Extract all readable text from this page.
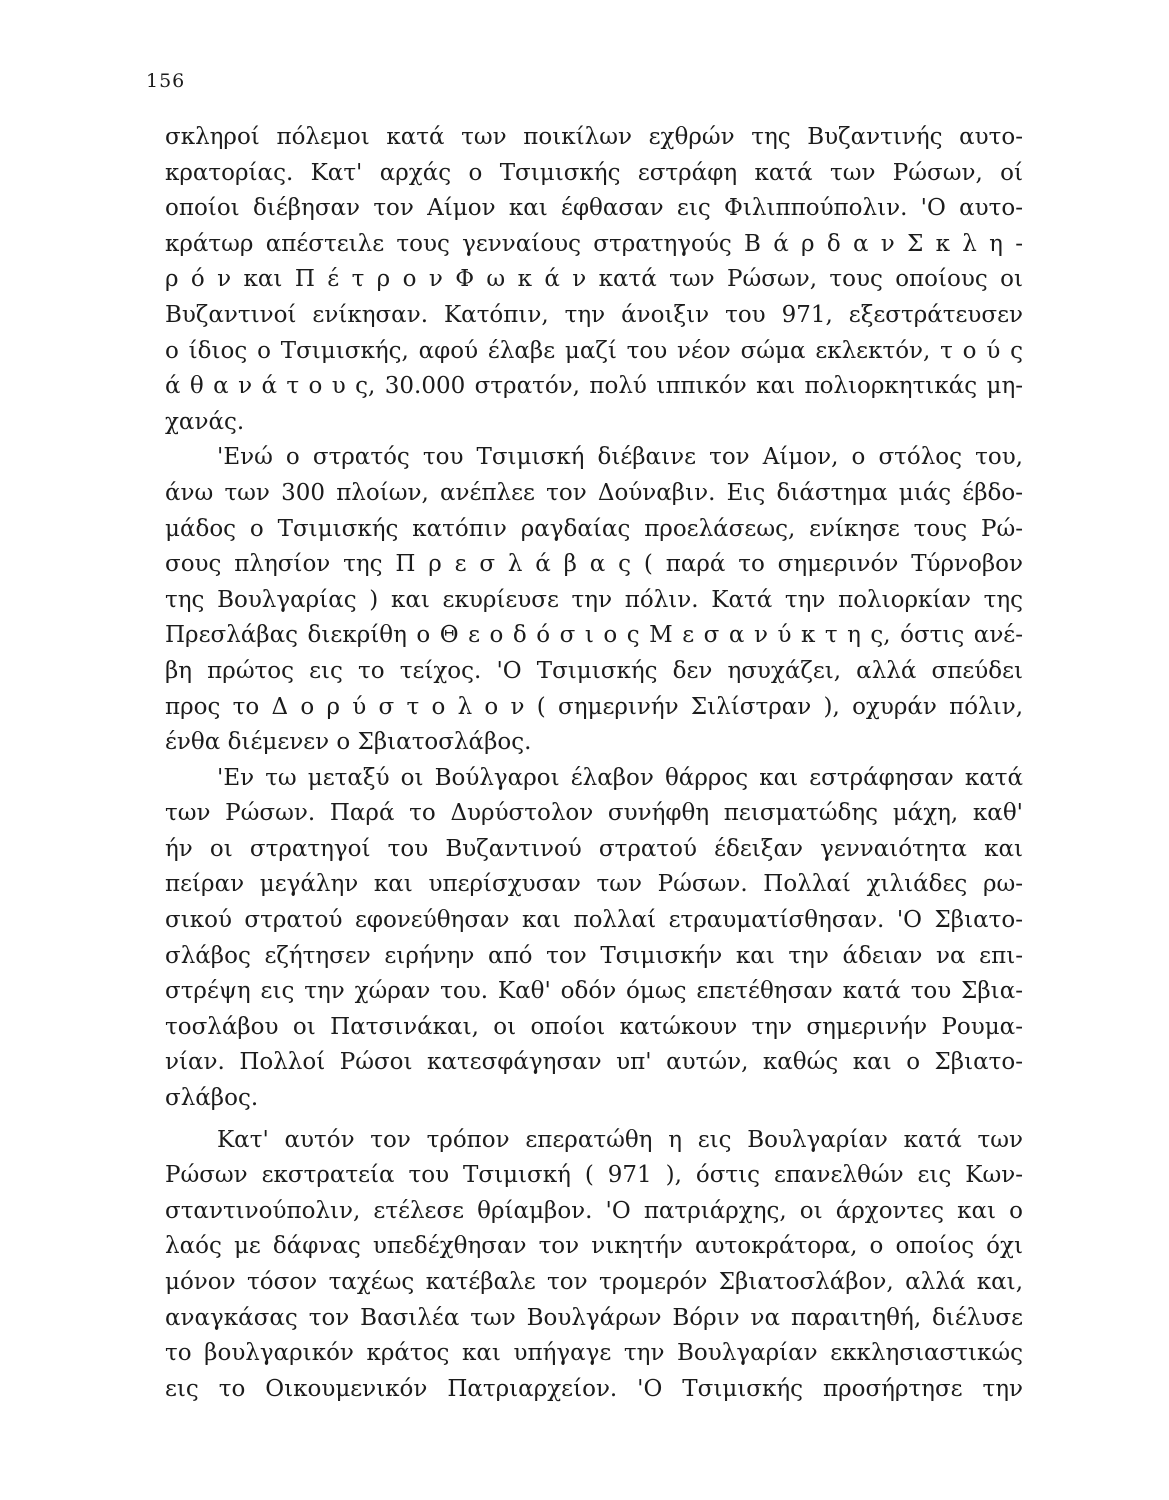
156
σκληροί πόλεμοι κατά των ποικίλων εχθρών της Βυζαντινής αυτο-
κρατορίας. Κατ' αρχάς ο Τσιμισκής εστράφη κατά των Ρώσων, οί
οποίοι διέβησαν τον Αίμον και έφθασαν εις Φιλιππούπολιν. 'Ο αυτο-
κράτωρ απέστειλε τους γενναίους στρατηγούς Β ά ρ δ α ν Σ κ λ η -
ρ ό ν και Π έ τ ρ ο ν Φ ω κ ά ν κατά των Ρώσων, τους οποίους οι
Βυζαντινοί ενίκησαν. Κατόπιν, την άνοιξιν του 971, εξεστράτευσεν
ο ίδιος ο Τσιμισκής, αφού έλαβε μαζί του νέον σώμα εκλεκτόν, τ ο ύ ς
ά θ α ν ά τ ο υ ς, 30.000 στρατόν, πολύ ιππικόν και πολιορκητικάς μη-
χανάς.
'Ενώ ο στρατός του Τσιμισκή διέβαινε τον Αίμον, ο στόλος του,
άνω των 300 πλοίων, ανέπλεε τον Δούναβιν. Εις διάστημα μιάς έβδο-
μάδος ο Τσιμισκής κατόπιν ραγδαίας προελάσεως, ενίκησε τους Ρώ-
σους πλησίον της Π ρ ε σ λ ά β α ς ( παρά το σημερινόν Τύρνοβον
της Βουλγαρίας ) και εκυρίευσε την πόλιν. Κατά την πολιορκίαν της
Πρεσλάβας διεκρίθη ο Θ ε ο δ ό σ ι ο ς Μ ε σ α ν ύ κ τ η ς, όστις ανέ-
βη πρώτος εις το τείχος. 'Ο Τσιμισκής δεν ησυχάζει, αλλά σπεύδει
προς το Δ ο ρ ύ σ τ ο λ ο ν ( σημερινήν Σιλίστραν ), οχυράν πόλιν,
ένθα διέμενεν ο Σβιατοσλάβος.
'Εν τω μεταξύ οι Βούλγαροι έλαβον θάρρος και εστράφησαν κατά
των Ρώσων. Παρά το Δυρύστολον συνήφθη πεισματώδης μάχη, καθ'
ήν οι στρατηγοί του Βυζαντινού στρατού έδειξαν γενναιότητα και
πείραν μεγάλην και υπερίσχυσαν των Ρώσων. Πολλαί χιλιάδες ρω-
σικού στρατού εφονεύθησαν και πολλαί ετραυματίσθησαν. 'Ο Σβιατο-
σλάβος εζήτησεν ειρήνην από τον Τσιμισκήν και την άδειαν να επι-
στρέψη εις την χώραν του. Καθ' οδόν όμως επετέθησαν κατά του Σβια-
τοσλάβου οι Πατσινάκαι, οι οποίοι κατώκουν την σημερινήν Ρουμα-
νίαν. Πολλοί Ρώσοι κατεσφάγησαν υπ' αυτών, καθώς και ο Σβιατο-
σλάβος.
Κατ' αυτόν τον τρόπον επερατώθη η εις Βουλγαρίαν κατά των
Ρώσων εκστρατεία του Τσιμισκή ( 971 ), όστις επανελθών εις Κων-
σταντινούπολιν, ετέλεσε θρίαμβον. 'Ο πατριάρχης, οι άρχοντες και ο
λαός με δάφνας υπεδέχθησαν τον νικητήν αυτοκράτορα, ο οποίος όχι
μόνον τόσον ταχέως κατέβαλε τον τρομερόν Σβιατοσλάβον, αλλά και,
αναγκάσας τον Βασιλέα των Βουλγάρων Βόριν να παραιτηθή, διέλυσε
το βουλγαρικόν κράτος και υπήγαγε την Βουλγαρίαν εκκλησιαστικώς
εις το Οικουμενικόν Πατριαρχείον. 'Ο Τσιμισκής προσήρτησε την
